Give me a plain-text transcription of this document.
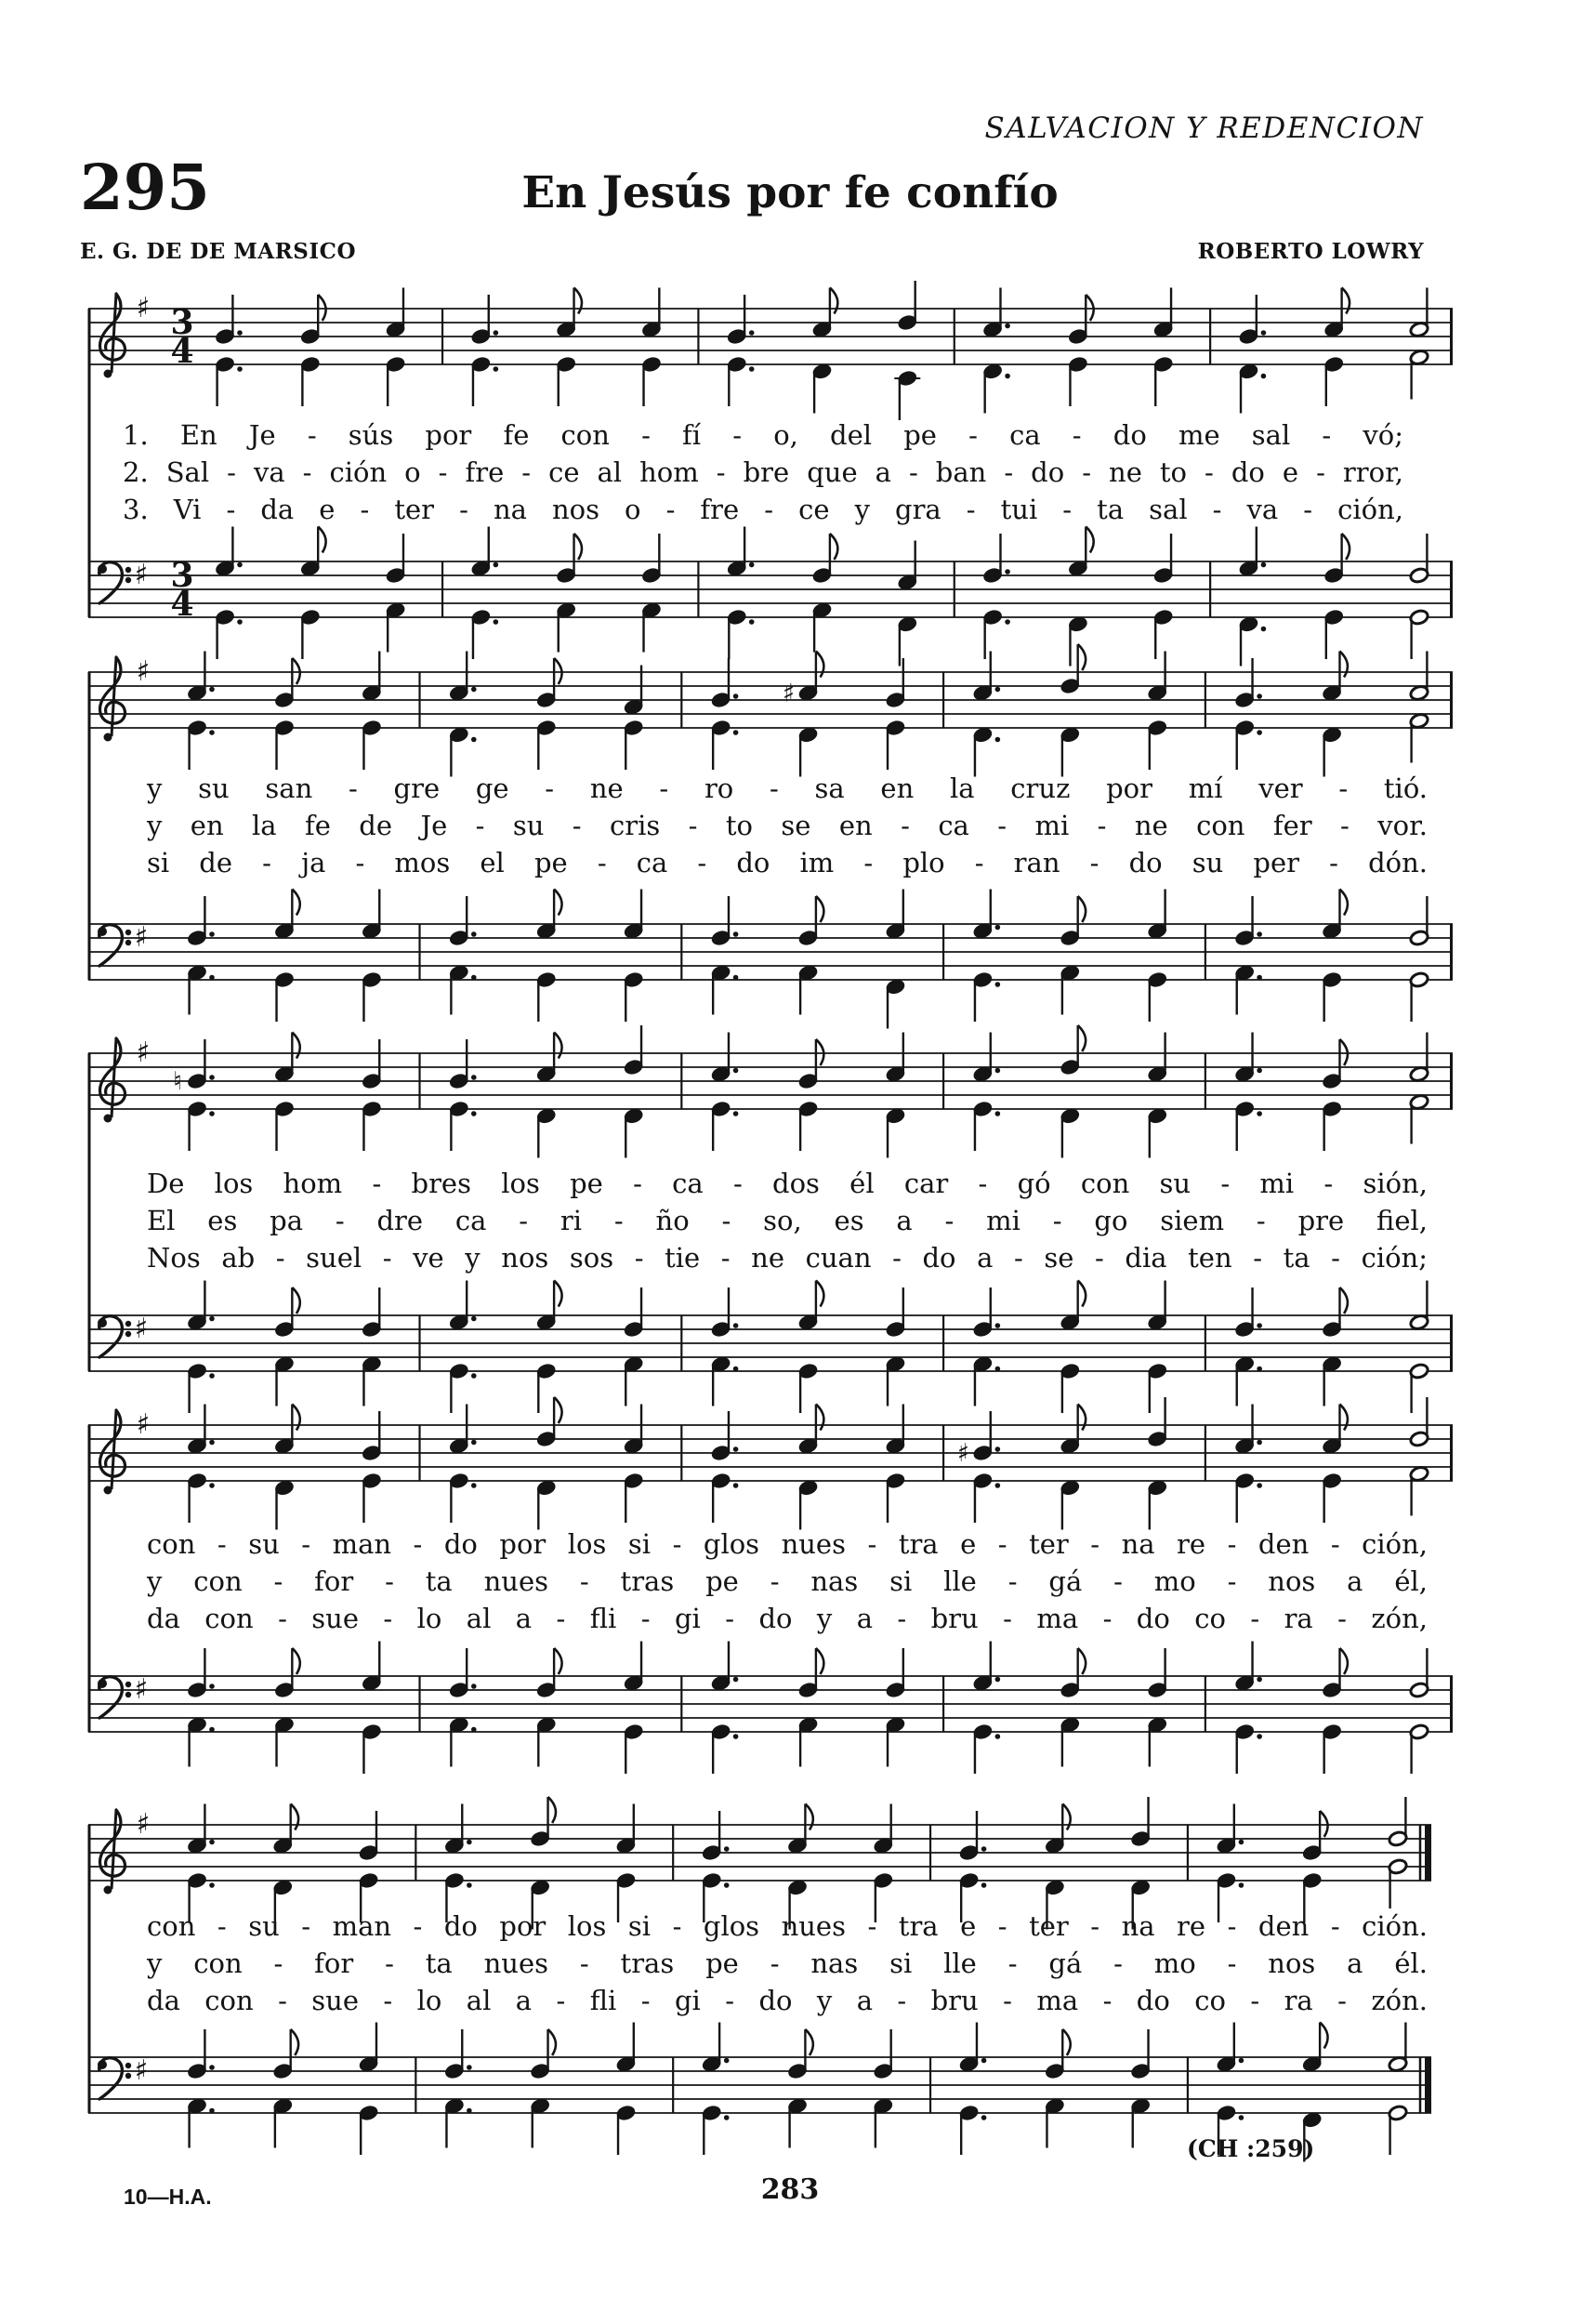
SALVACION Y REDENCION
295	En Jesús por fe confío
E. G. DE DE MARSICO	ROBERTO LOWRY
♯
♯
3
4
3
4
♯
♯
♯
♯
♯
♮
♯
♯
♯
♯
♯
1. En Je - sús por fe con - fí - o, del pe - ca - do me sal - vó;
2. Sal - va - ción o - fre - ce al hom - bre que a - ban - do - ne to - do e - rror,
3. Vi - da e - ter - na nos o - fre - ce y gra - tui - ta sal - va - ción,
y su san - gre ge - ne - ro - sa en la cruz por mí ver - tió.
y en la fe de Je - su - cris - to se en - ca - mi - ne con fer - vor.
si de - ja - mos el pe - ca - do im - plo - ran - do su per - dón.
De los hom - bres los pe - ca - dos él car - gó con su - mi - sión,
El es pa - dre ca - ri - ño - so, es a - mi - go siem - pre fiel,
Nos ab - suel - ve y nos sos - tie - ne cuan - do a - se - dia ten - ta - ción;
con - su - man - do por los si - glos nues - tra e - ter - na re - den - ción,
y con - for - ta nues - tras pe - nas si lle - gá - mo - nos a él,
da con - sue - lo al a - fli - gi - do y a - bru - ma - do co - ra - zón,
con - su - man - do por los si - glos nues - tra e - ter - na re - den - ción.
y con - for - ta nues - tras pe - nas si lle - gá - mo - nos a él.
da con - sue - lo al a - fli - gi - do y a - bru - ma - do co - ra - zón.
(CH :259)
10—H.A.	283
